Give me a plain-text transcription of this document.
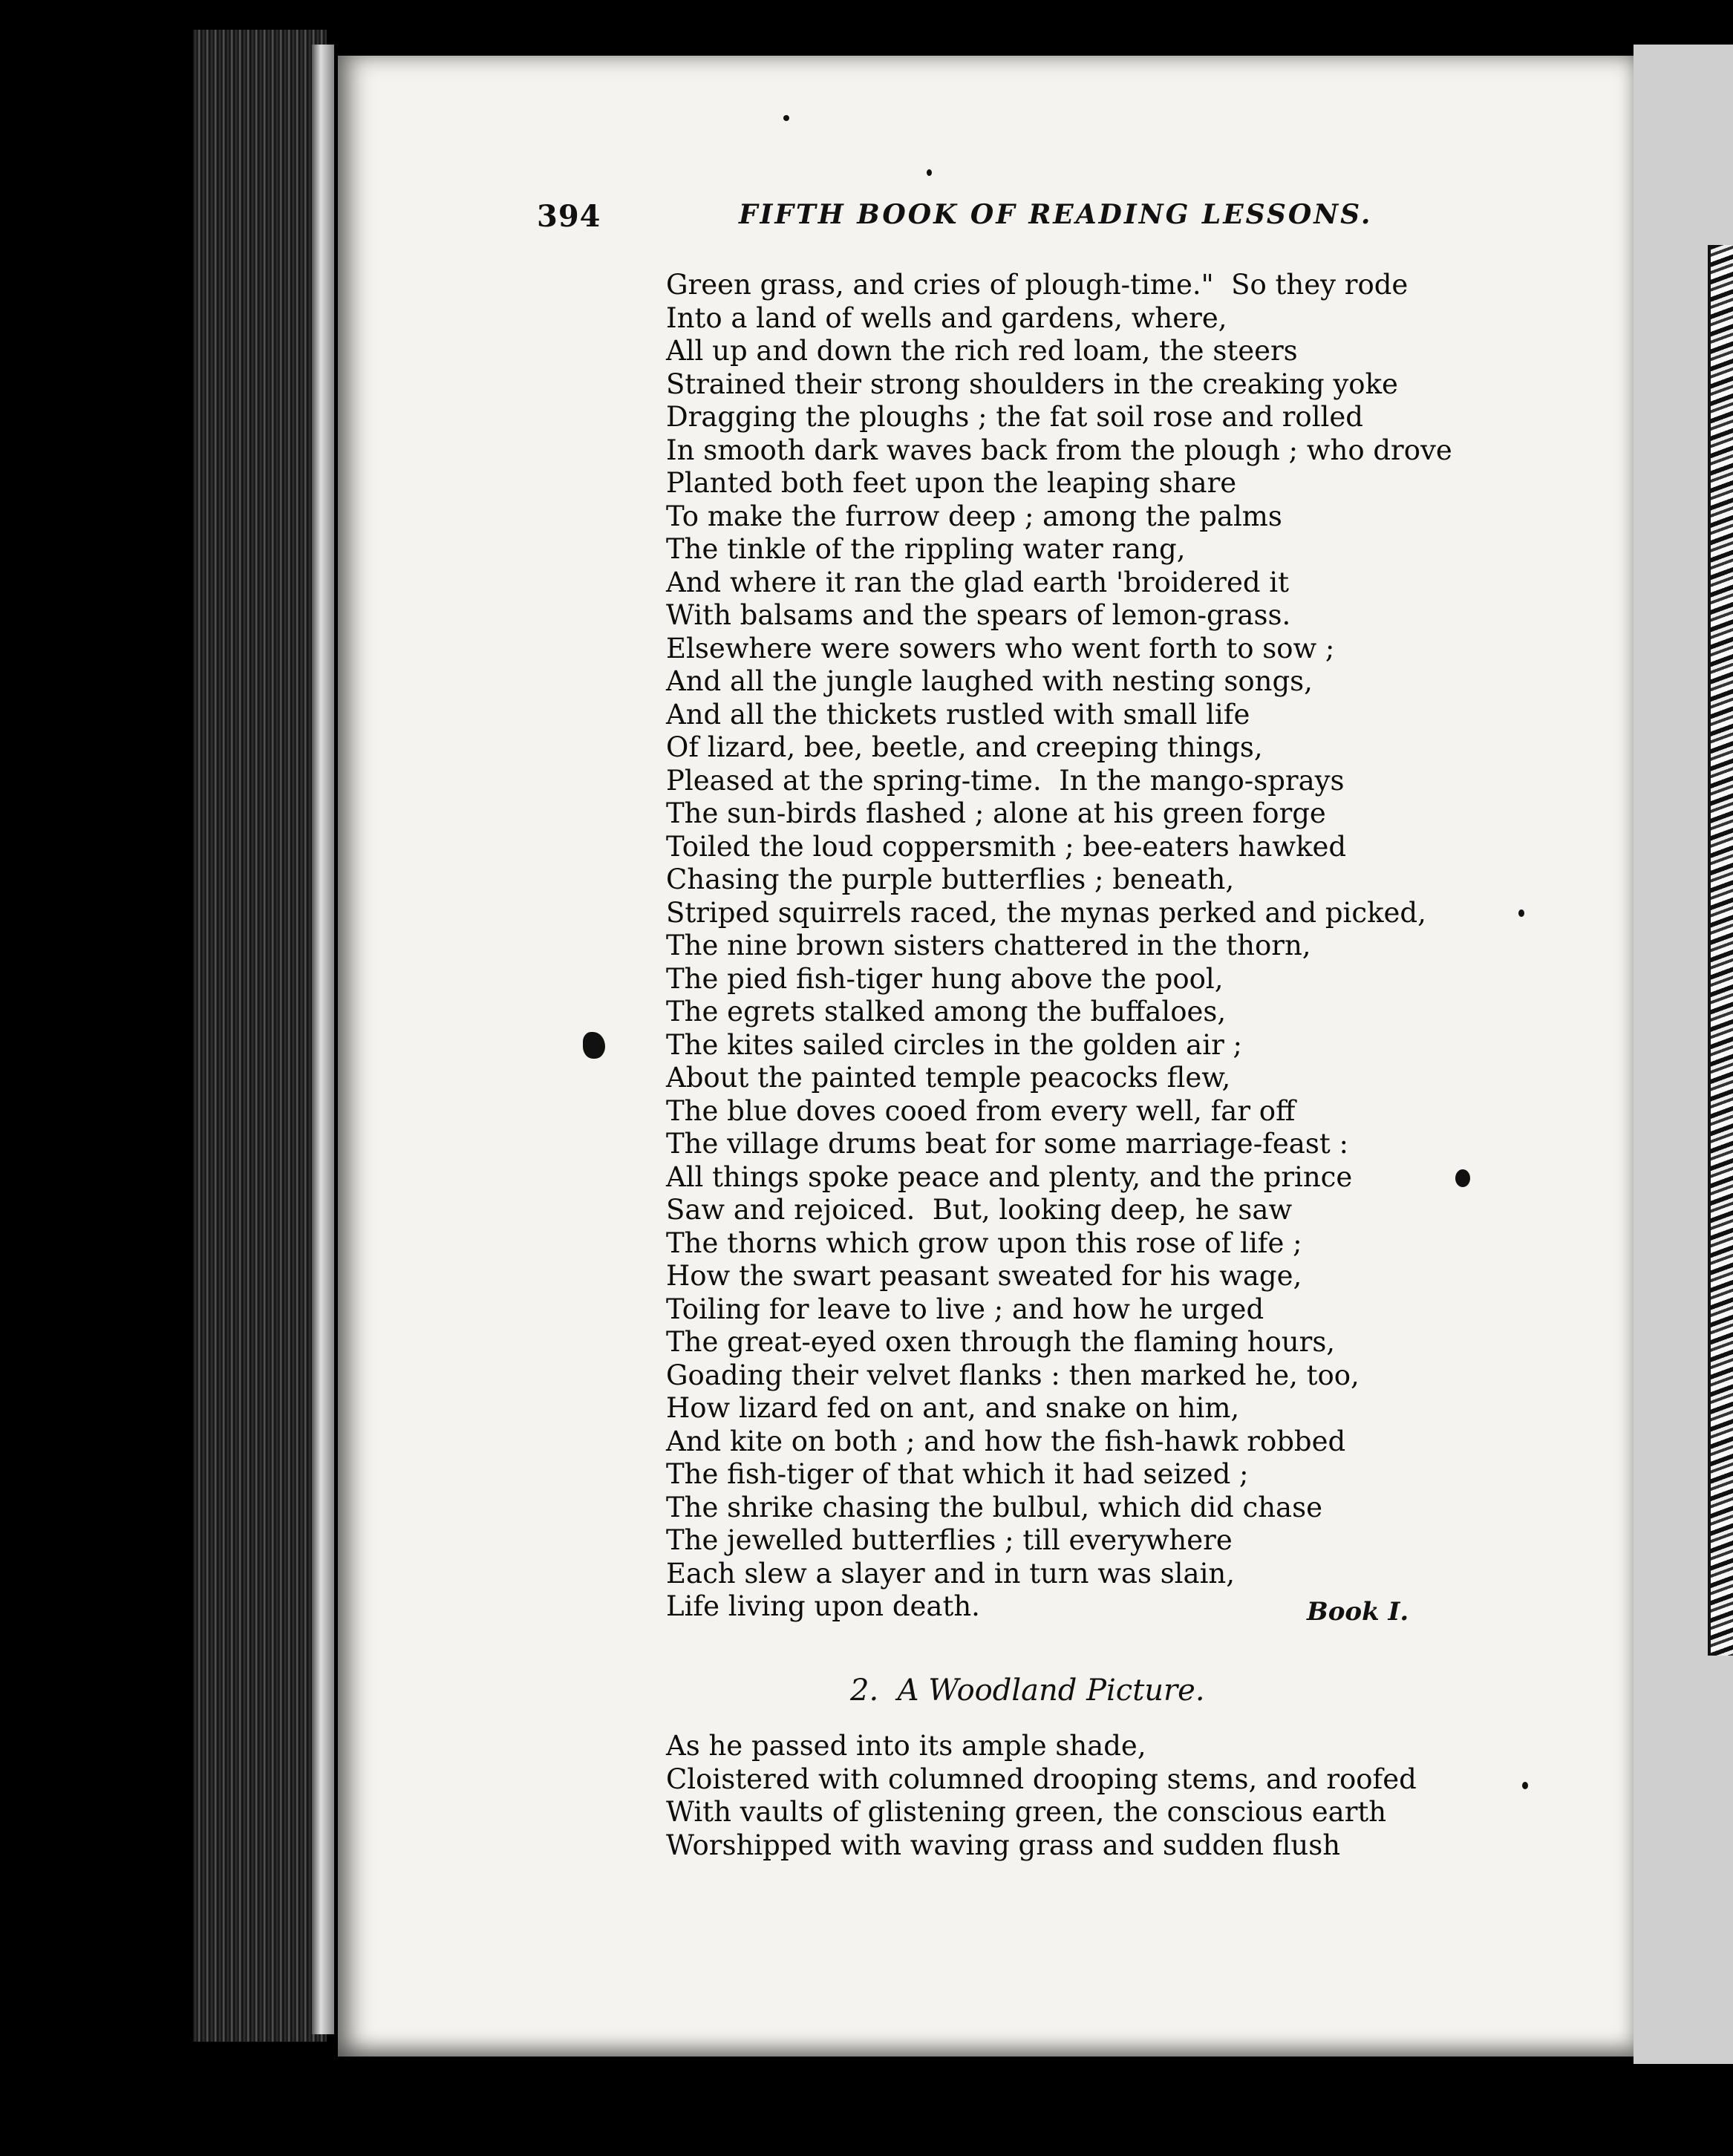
394	FIFTH BOOK OF READING LESSONS.
Green grass, and cries of plough-time."  So they rode
Into a land of wells and gardens, where,
All up and down the rich red loam, the steers
Strained their strong shoulders in the creaking yoke
Dragging the ploughs ; the fat soil rose and rolled
In smooth dark waves back from the plough ; who drove
Planted both feet upon the leaping share
To make the furrow deep ; among the palms
The tinkle of the rippling water rang,
And where it ran the glad earth 'broidered it
With balsams and the spears of lemon-grass.
Elsewhere were sowers who went forth to sow ;
And all the jungle laughed with nesting songs,
And all the thickets rustled with small life
Of lizard, bee, beetle, and creeping things,
Pleased at the spring-time.  In the mango-sprays
The sun-birds flashed ; alone at his green forge
Toiled the loud coppersmith ; bee-eaters hawked
Chasing the purple butterflies ; beneath,
Striped squirrels raced, the mynas perked and picked,
The nine brown sisters chattered in the thorn,
The pied fish-tiger hung above the pool,
The egrets stalked among the buffaloes,
The kites sailed circles in the golden air ;
About the painted temple peacocks flew,
The blue doves cooed from every well, far off
The village drums beat for some marriage-feast :
All things spoke peace and plenty, and the prince
Saw and rejoiced.  But, looking deep, he saw
The thorns which grow upon this rose of life ;
How the swart peasant sweated for his wage,
Toiling for leave to live ; and how he urged
The great-eyed oxen through the flaming hours,
Goading their velvet flanks : then marked he, too,
How lizard fed on ant, and snake on him,
And kite on both ; and how the fish-hawk robbed
The fish-tiger of that which it had seized ;
The shrike chasing the bulbul, which did chase
The jewelled butterflies ; till everywhere
Each slew a slayer and in turn was slain,
Life living upon death.	Book I.
2.  A Woodland Picture.
As he passed into its ample shade,
Cloistered with columned drooping stems, and roofed
With vaults of glistening green, the conscious earth
Worshipped with waving grass and sudden flush
